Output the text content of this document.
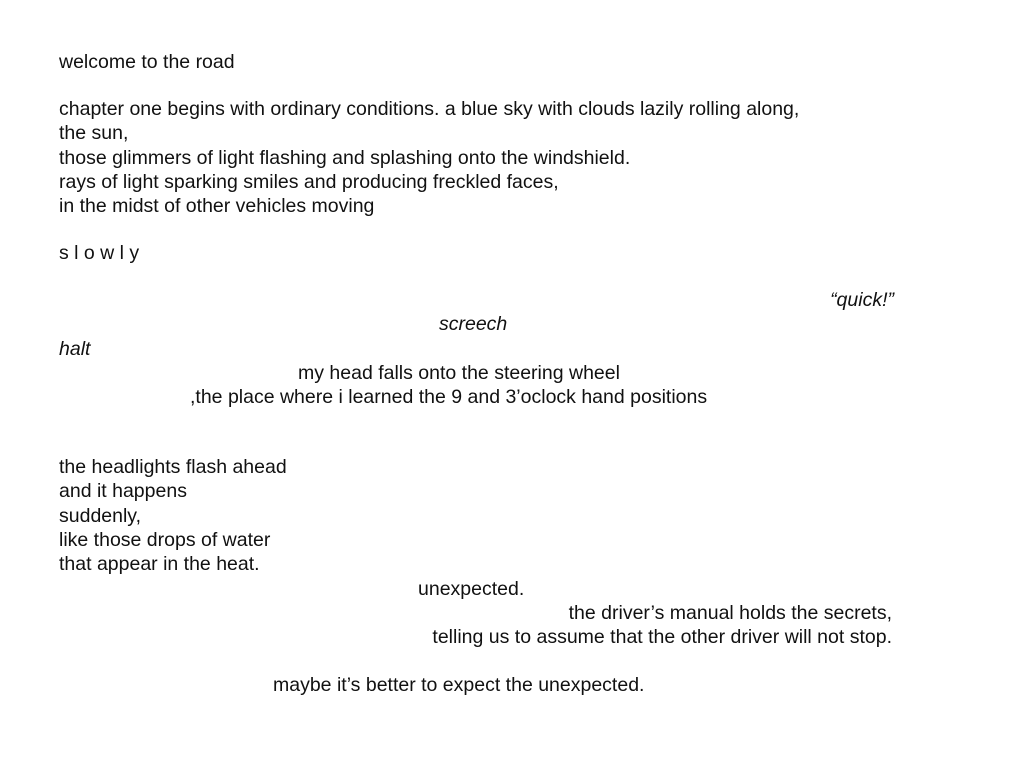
welcome to the road
chapter one begins with ordinary conditions. a blue sky with clouds lazily rolling along,
the sun,
those glimmers of light flashing and splashing onto the windshield.
rays of light sparking smiles and producing freckled faces,
in the midst of other vehicles moving
s l o w l y
“quick!”
screech
halt
my head falls onto the steering wheel
,the place where i learned the 9 and 3’oclock hand positions
the headlights flash ahead
and it happens
suddenly,
like those drops of water
that appear in the heat.
unexpected.
the driver’s manual holds the secrets,
telling us to assume that the other driver will not stop.
maybe it’s better to expect the unexpected.
